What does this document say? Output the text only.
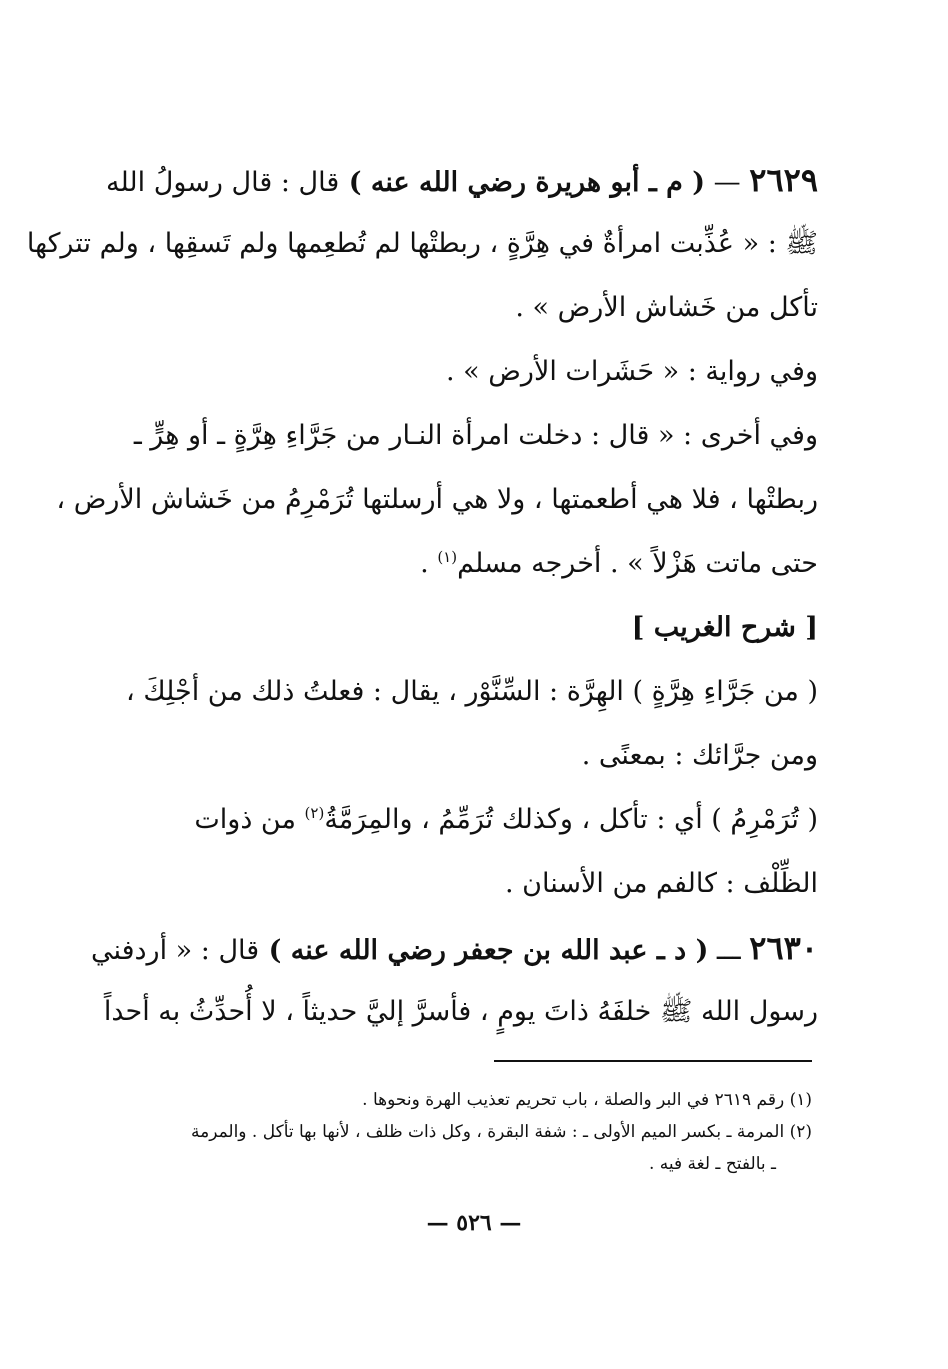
٢٦٢٩ — ( م ـ أبو هريرة رضي الله عنه ) قال : قال رسولُ الله
ﷺ : « عُذِّبت امرأةٌ في هِرَّةٍ ، ربطتْها لم تُطعِمها ولم تَسقِها ، ولم تتركها
تأكل من خَشاش الأرض » .
وفي رواية : « حَشَرات الأرض » .
وفي أخرى : « قال : دخلت امرأة النـار من جَرَّاءِ هِرَّةٍ ـ أو هِرٍّ ـ
ربطتْها ، فلا هي أطعمتها ، ولا هي أرسلتها تُرَمْرِمُ من خَشاش الأرض ،
حتى ماتت هَزْلاً » . أخرجه مسلم$^{(١)}$ .
[ شرح الغريب ]
( من جَرَّاءِ هِرَّةٍ ) الهِرَّة : السِّنَّوْر ، يقال : فعلتُ ذلك من أجْلِكَ ،
ومن جرَّائك : بمعنًى .
( تُرَمْرِمُ ) أي : تأكل ، وكذلك تُرَمِّمُ ، والمِرَمَّةُ$^{(٢)}$ من ذوات
الظِّلْف : كالفم من الأسنان .
٢٦٣٠ ـــ ( د ـ عبد الله بن جعفر رضي الله عنه ) قال : « أردفني
رسول الله ﷺ خلفَهُ ذاتَ يومٍ ، فأسرَّ إليَّ حديثاً ، لا أُحدِّثُ به أحداً
(١) رقم ٢٦١٩ في البر والصلة ، باب تحريم تعذيب الهرة ونحوها .
(٢) المرمة ـ بكسر الميم الأولى ـ : شفة البقرة ، وكل ذات ظلف ، لأنها بها تأكل . والمرمة
ـ بالفتح ـ لغة فيه .
— ٥٢٦ —
